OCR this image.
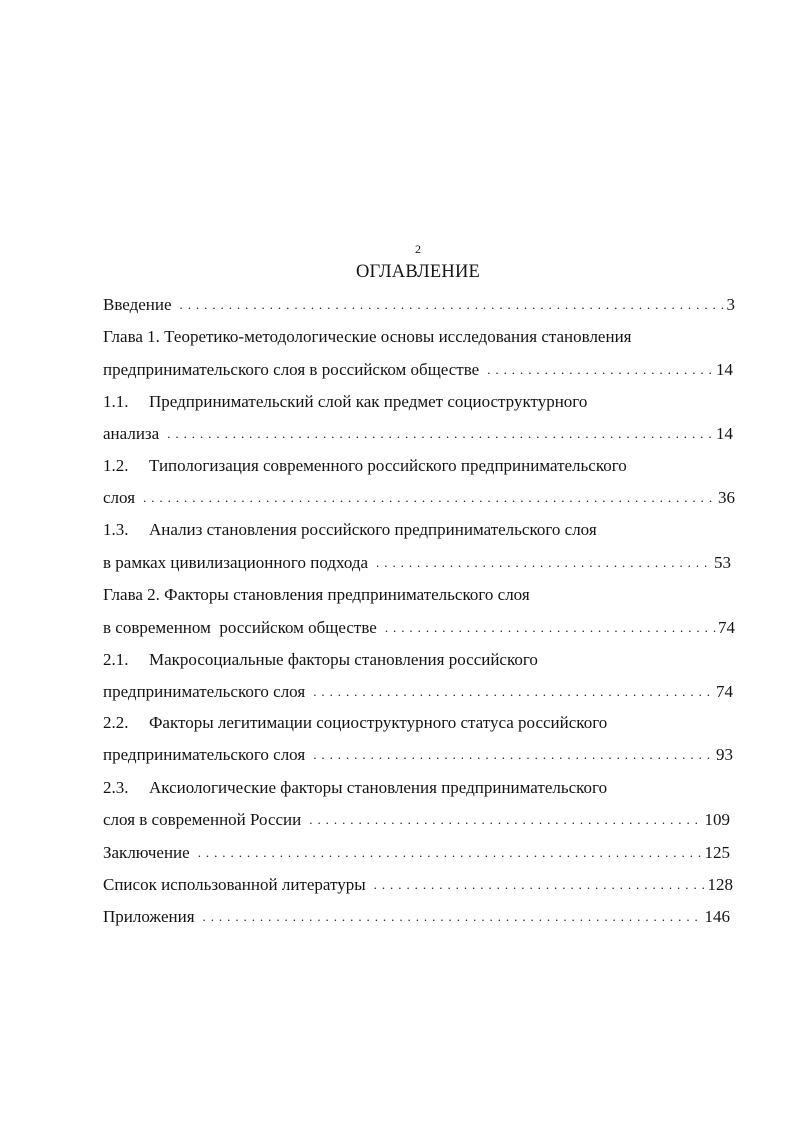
2
ОГЛАВЛЕНИЕ
Введение . . .	3
Глава 1. Теоретико-методологические основы исследования становления
предпринимательского слоя в российском обществе . . .	14
1.1.	Предпринимательский слой как предмет социоструктурного
анализа . . .	14
1.2.	Типологизация современного российского предпринимательского
слоя . . .	36
1.3.	Анализ становления российского предпринимательского слоя
в рамках цивилизационного подхода . . .	53
Глава 2. Факторы становления предпринимательского слоя
в современном  российском обществе . . .	74
2.1.	Макросоциальные факторы становления российского
предпринимательского слоя . . .	74
2.2.	Факторы легитимации социоструктурного статуса российского
предпринимательского слоя . . .	93
2.3.	Аксиологические факторы становления предпринимательского
слоя в современной России . . .	109
Заключение . . .	125
Список использованной литературы . . .	128
Приложения . . .	146
